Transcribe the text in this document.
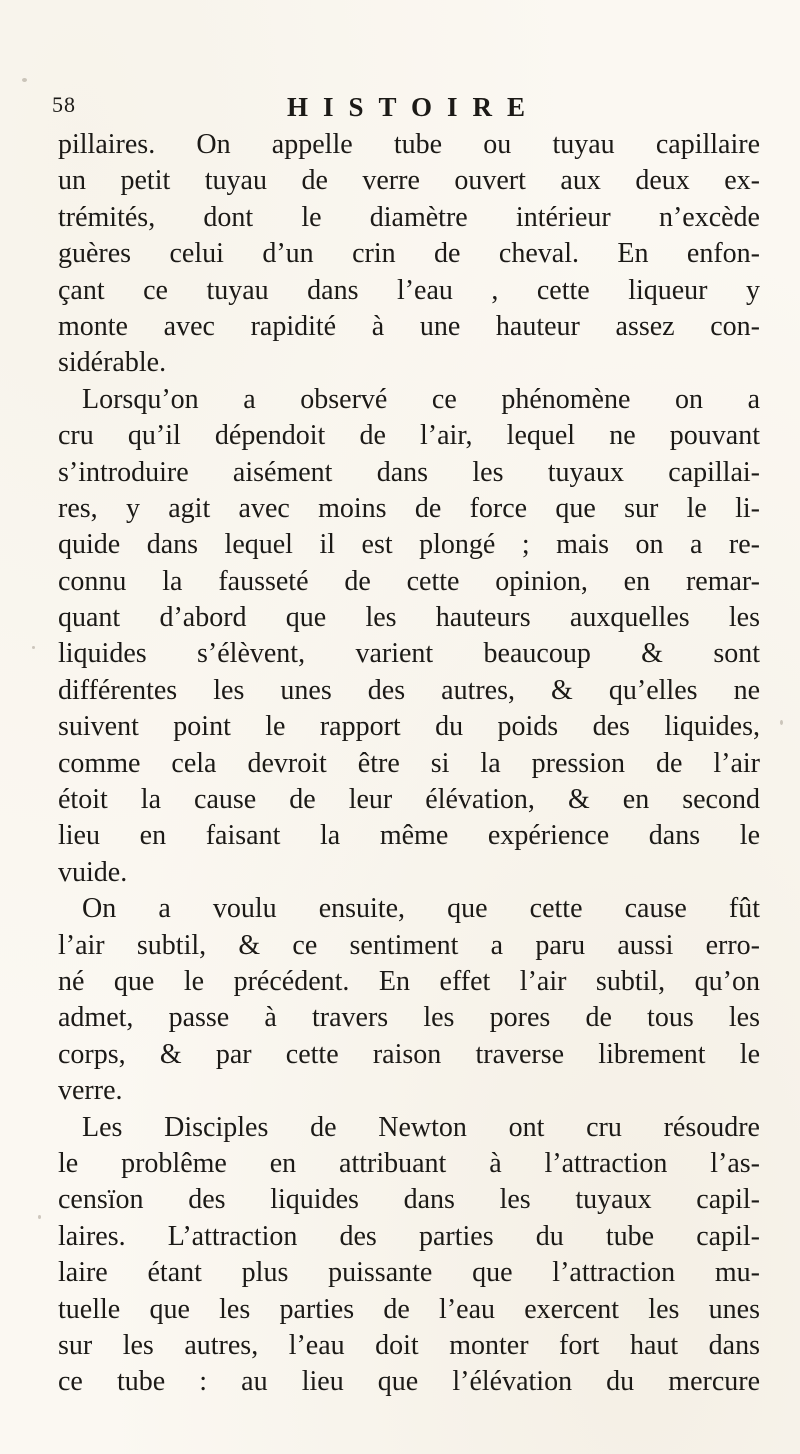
58	HISTOIRE
pillaires. On appelle tube ou tuyau capillaire
un petit tuyau de verre ouvert aux deux ex-
trémités, dont le diamètre intérieur n’excède
guères celui d’un crin de cheval. En enfon-
çant ce tuyau dans l’eau , cette liqueur y
monte avec rapidité à une hauteur assez con-
sidérable.
Lorsqu’on a observé ce phénomène on a
cru qu’il dépendoit de l’air, lequel ne pouvant
s’introduire aisément dans les tuyaux capillai-
res, y agit avec moins de force que sur le li-
quide dans lequel il est plongé ; mais on a re-
connu la fausseté de cette opinion, en remar-
quant d’abord que les hauteurs auxquelles les
liquides s’élèvent, varient beaucoup & sont
différentes les unes des autres, & qu’elles ne
suivent point le rapport du poids des liquides,
comme cela devroit être si la pression de l’air
étoit la cause de leur élévation, & en second
lieu en faisant la même expérience dans le
vuide.
On a voulu ensuite, que cette cause fût
l’air subtil, & ce sentiment a paru aussi erro-
né que le précédent. En effet l’air subtil, qu’on
admet, passe à travers les pores de tous les
corps, & par cette raison traverse librement le
verre.
Les Disciples de Newton ont cru résoudre
le problême en attribuant à l’attraction l’as-
censïon des liquides dans les tuyaux capil-
laires. L’attraction des parties du tube capil-
laire étant plus puissante que l’attraction mu-
tuelle que les parties de l’eau exercent les unes
sur les autres, l’eau doit monter fort haut dans
ce tube : au lieu que l’élévation du mercure
